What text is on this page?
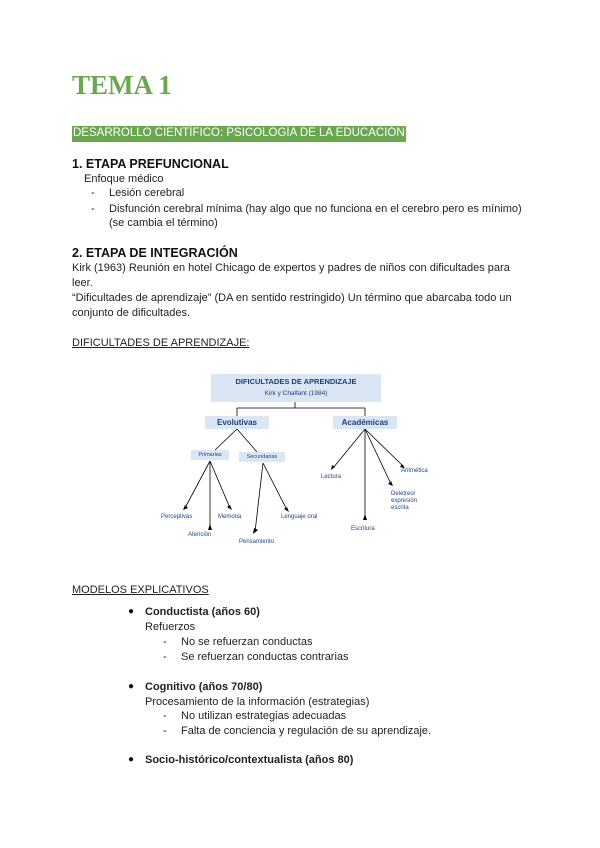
TEMA 1
DESARROLLO CIENTÍFICO: PSICOLOGÍA DE LA EDUCACIÓN
1. ETAPA PREFUNCIONAL
Enfoque médico
- Lesión cerebral
- Disfunción cerebral mínima (hay algo que no funciona en el cerebro pero es mínimo)
(se cambia el término)
2. ETAPA DE INTEGRACIÓN
Kirk (1963) Reunión en hotel Chicago de expertos y padres de niños con dificultades para
leer.
“Dificultades de aprendizaje” (DA en sentido restringido) Un término que abarcaba todo un
conjunto de dificultades.
DIFICULTADES DE APRENDIZAJE:
DIFICULTADES DE APRENDIZAJE
Kirk y Chalfant (1984)
Evolutivas	Académicas
Primarias	Secundarias
Perceptivas	Memoria
Atención
Pensamiento
Lenguaje oral
Lectura
Escritura
Aritmética
Deletreo/
expresión
escrita
MODELOS EXPLICATIVOS
● Conductista (años 60)
Refuerzos
- No se refuerzan conductas
- Se refuerzan conductas contrarias
● Cognitivo (años 70/80)
Procesamiento de la información (estrategias)
- No utilizan estrategias adecuadas
- Falta de conciencia y regulación de su aprendizaje.
● Socio-histórico/contextualista (años 80)
